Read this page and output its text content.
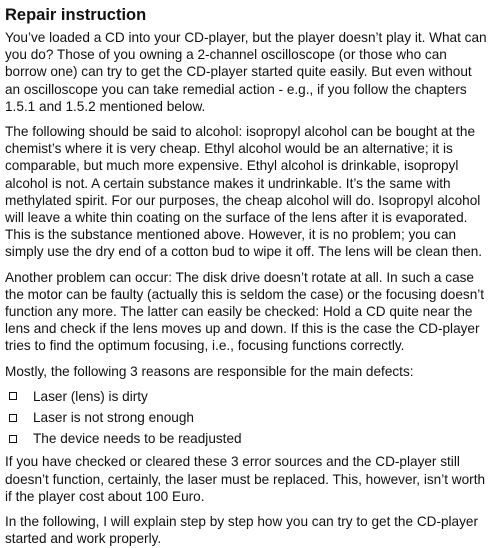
Repair instruction

You’ve loaded a CD into your CD-player, but the player doesn’t play it. What can you do? Those of you owning a 2-channel oscilloscope (or those who can borrow one) can try to get the CD-player started quite easily. But even without an oscilloscope you can take remedial action - e.g., if you follow the chapters 1.5.1 and 1.5.2 mentioned below.

The following should be said to alcohol: isopropyl alcohol can be bought at the chemist’s where it is very cheap. Ethyl alcohol would be an alternative; it is comparable, but much more expensive. Ethyl alcohol is drinkable, isopropyl alcohol is not. A certain substance makes it undrinkable. It’s the same with methylated spirit. For our purposes, the cheap alcohol will do. Isopropyl alcohol will leave a white thin coating on the surface of the lens after it is evaporated. This is the substance mentioned above. However, it is no problem; you can simply use the dry end of a cotton bud to wipe it off. The lens will be clean then.

Another problem can occur: The disk drive doesn’t rotate at all. In such a case the motor can be faulty (actually this is seldom the case) or the focusing doesn’t function any more. The latter can easily be checked: Hold a CD quite near the lens and check if the lens moves up and down. If this is the case the CD-player tries to find the optimum focusing, i.e., focusing functions correctly.

Mostly, the following 3 reasons are responsible for the main defects:

Laser (lens) is dirty
Laser is not strong enough
The device needs to be readjusted

If you have checked or cleared these 3 error sources and the CD-player still doesn’t function, certainly, the laser must be replaced. This, however, isn’t worth if the player cost about 100 Euro.

In the following, I will explain step by step how you can try to get the CD-player started and work properly.
